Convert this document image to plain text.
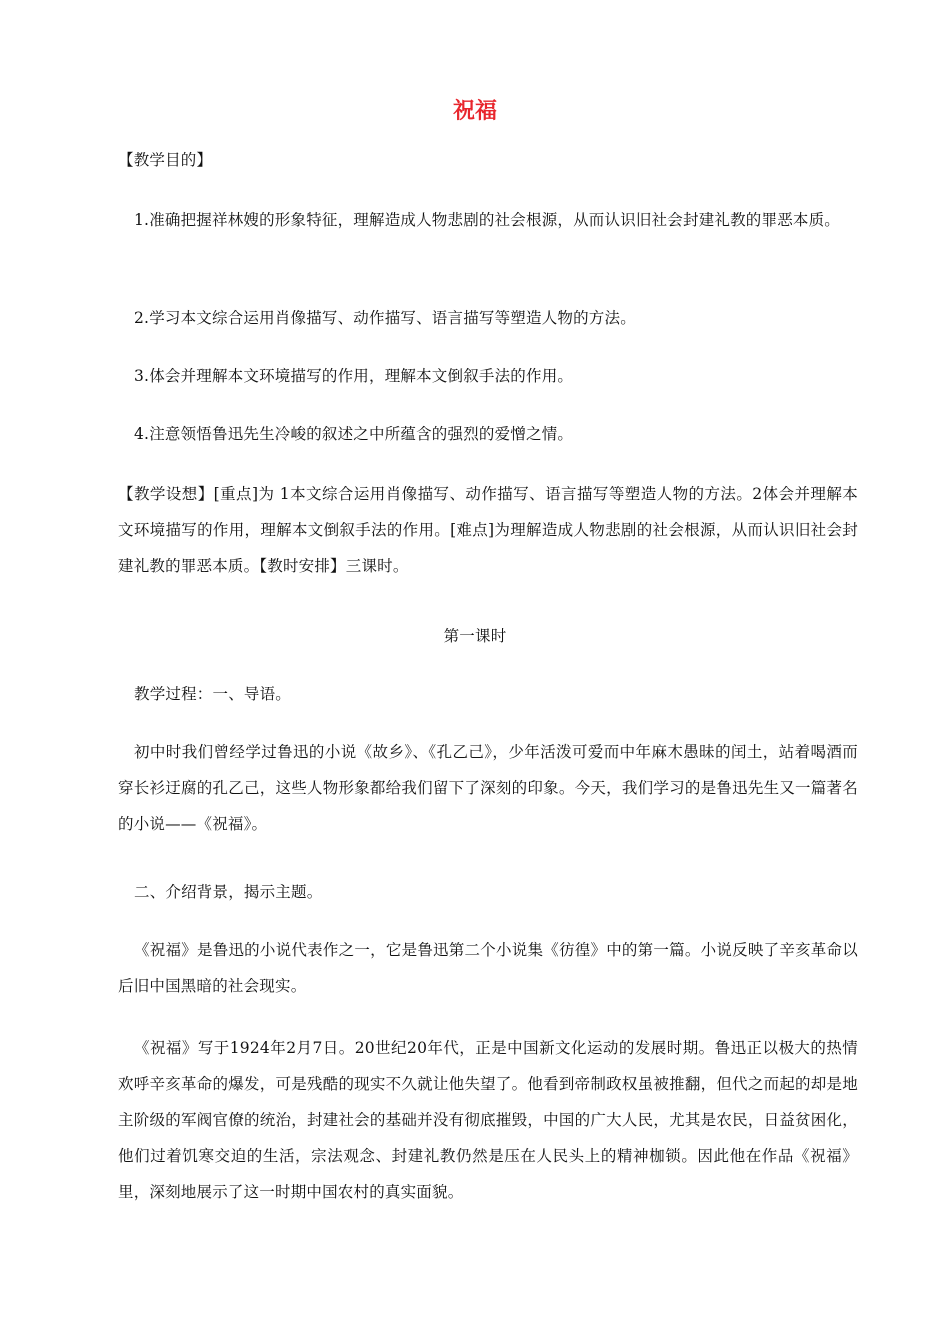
祝福
【教学目的】
1.准确把握祥林嫂的形象特征，理解造成人物悲剧的社会根源，从而认识旧社会封建礼教的罪恶本质。
2.学习本文综合运用肖像描写、动作描写、语言描写等塑造人物的方法。
3.体会并理解本文环境描写的作用，理解本文倒叙手法的作用。
4.注意领悟鲁迅先生冷峻的叙述之中所蕴含的强烈的爱憎之情。
【教学设想】[重点]为 1本文综合运用肖像描写、动作描写、语言描写等塑造人物的方法。2体会并理解本文环境描写的作用，理解本文倒叙手法的作用。[难点]为理解造成人物悲剧的社会根源，从而认识旧社会封建礼教的罪恶本质。【教时安排】三课时。
第一课时
教学过程：一、导语。
初中时我们曾经学过鲁迅的小说《故乡》、《孔乙己》，少年活泼可爱而中年麻木愚昧的闰土，站着喝酒而穿长衫迂腐的孔乙己，这些人物形象都给我们留下了深刻的印象。今天，我们学习的是鲁迅先生又一篇著名的小说——《祝福》。
二、介绍背景，揭示主题。
《祝福》是鲁迅的小说代表作之一，它是鲁迅第二个小说集《彷徨》中的第一篇。小说反映了辛亥革命以后旧中国黑暗的社会现实。
《祝福》写于1924年2月7日。20世纪20年代，正是中国新文化运动的发展时期。鲁迅正以极大的热情欢呼辛亥革命的爆发，可是残酷的现实不久就让他失望了。他看到帝制政权虽被推翻，但代之而起的却是地主阶级的军阀官僚的统治，封建社会的基础并没有彻底摧毁，中国的广大人民，尤其是农民，日益贫困化，他们过着饥寒交迫的生活，宗法观念、封建礼教仍然是压在人民头上的精神枷锁。因此他在作品《祝福》里，深刻地展示了这一时期中国农村的真实面貌。
